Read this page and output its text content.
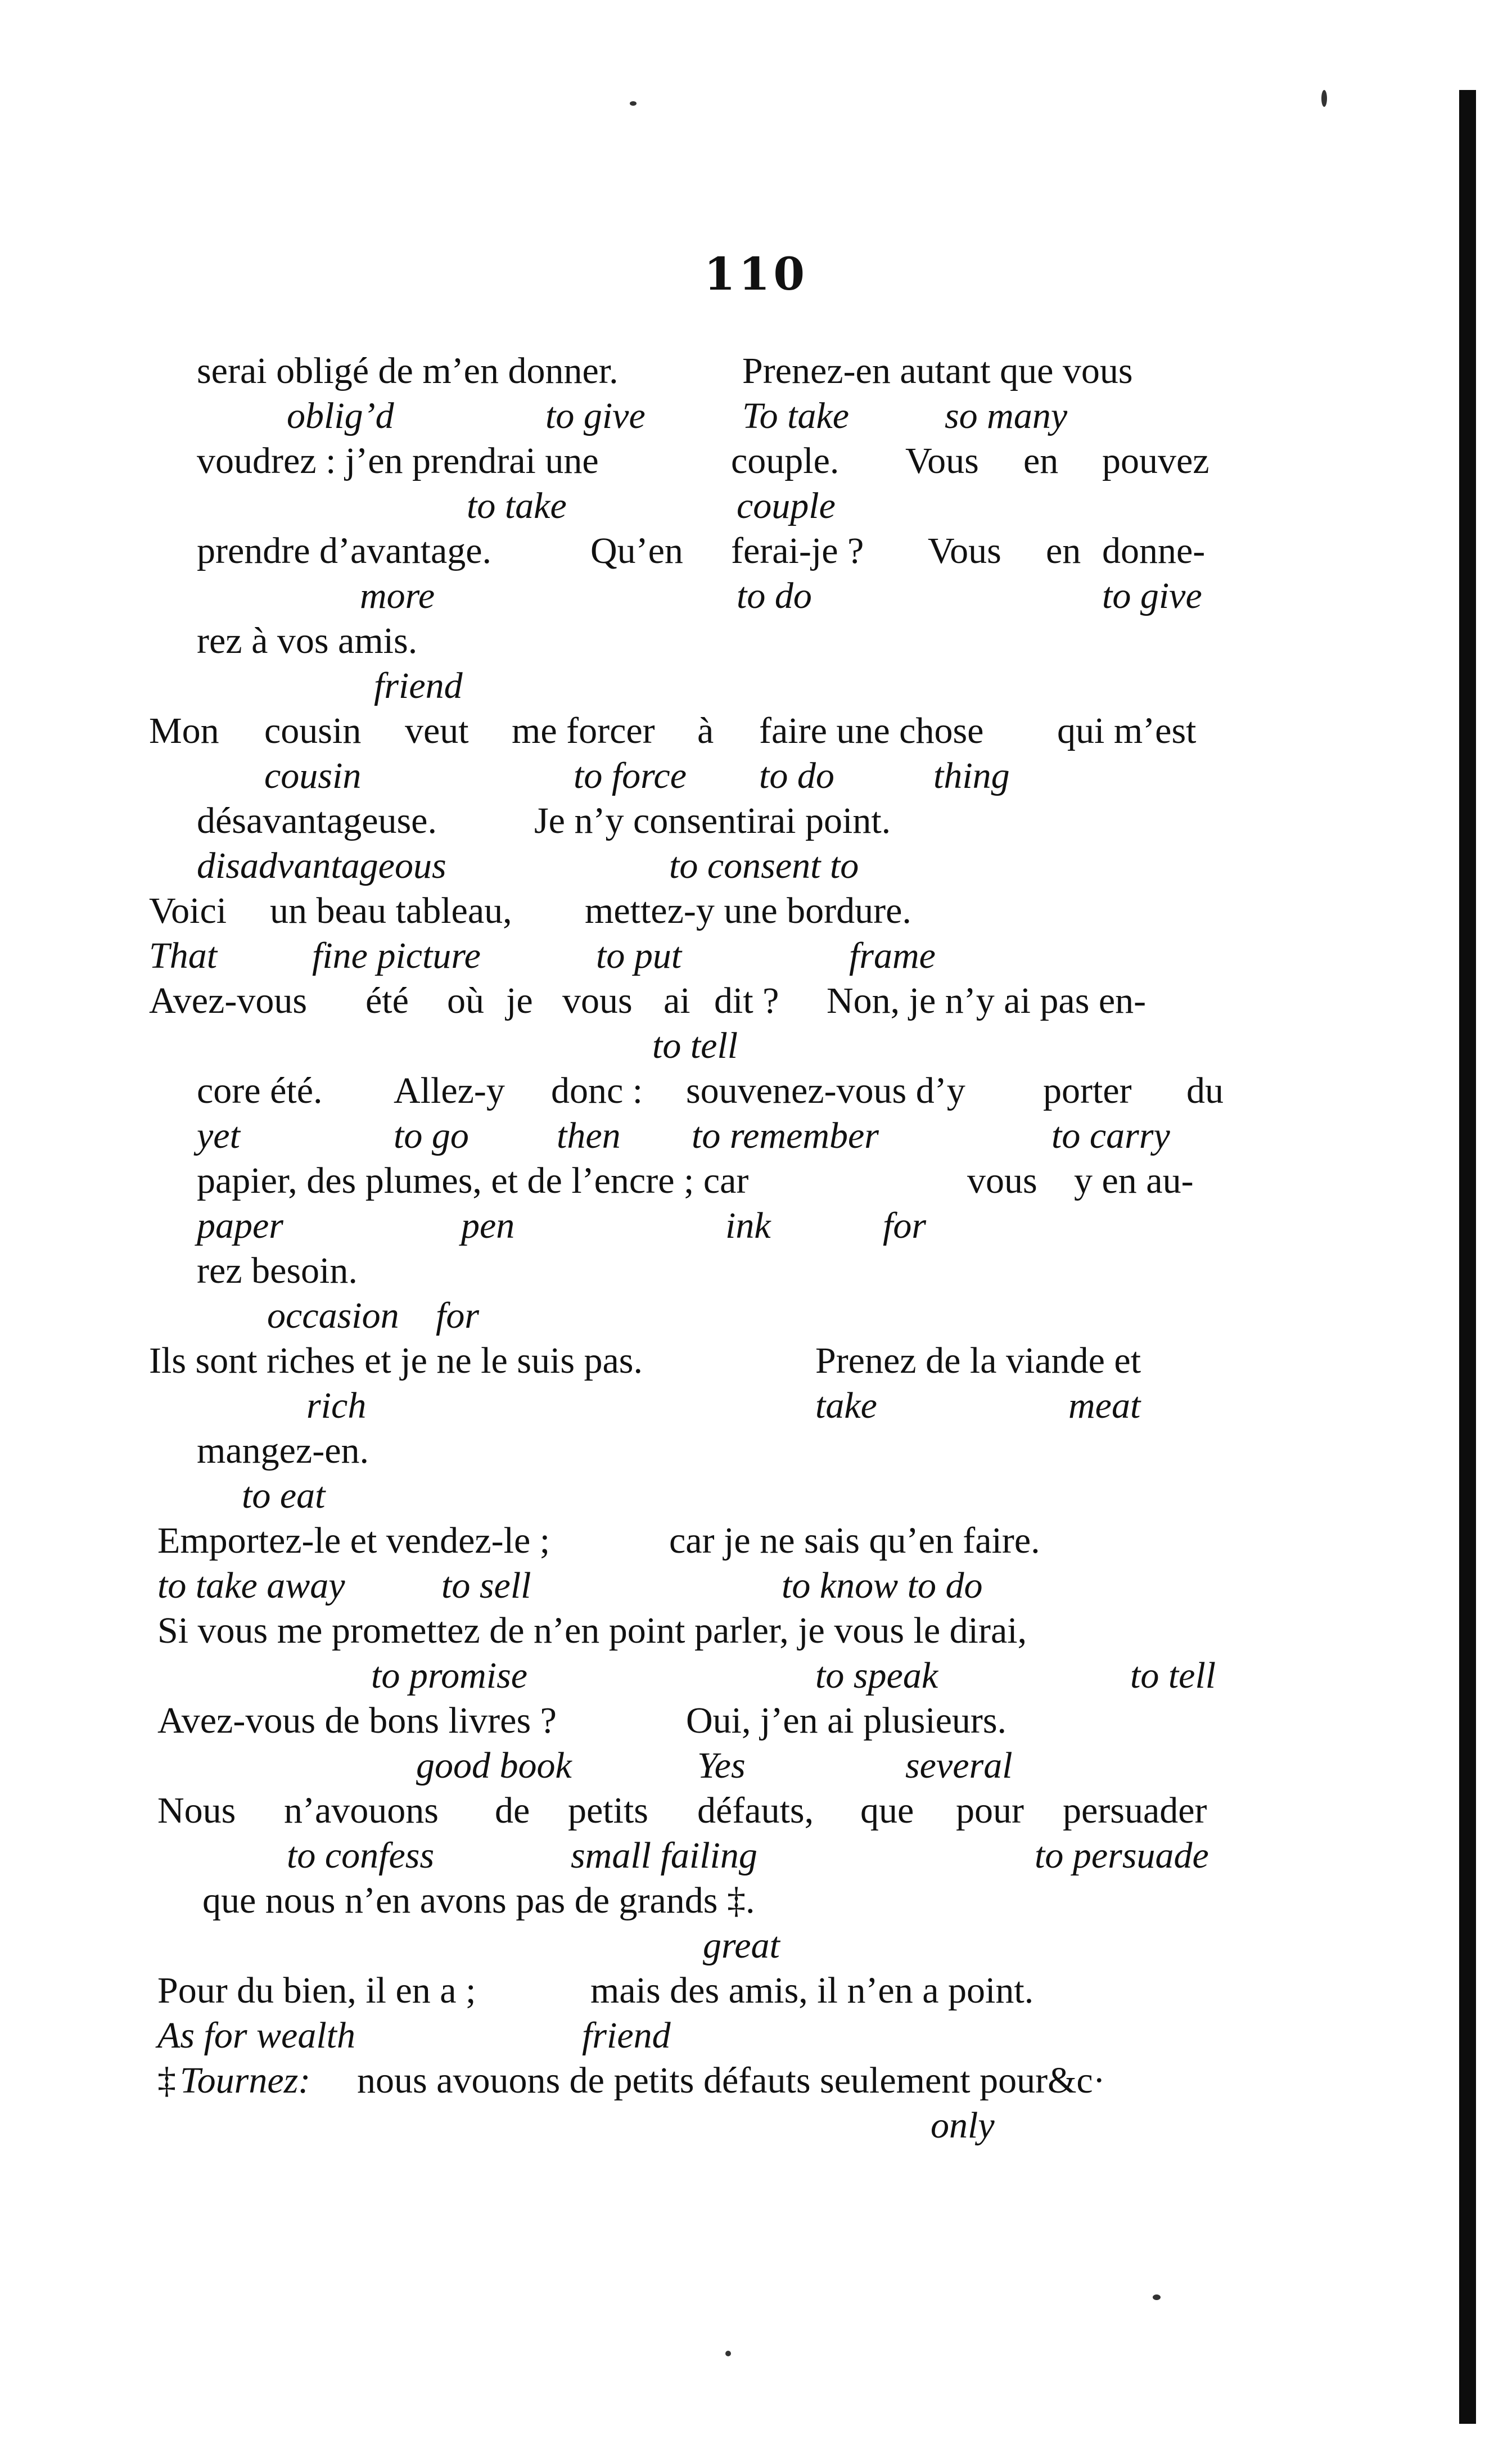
110
serai obligé de m’en donner.	Prenez-en autant que vous
oblig’d	to give	To take	so many
voudrez : j’en prendrai une	couple. Vous en pouvez
to take	couple
prendre d’avantage.	Qu’en ferai-je ? Vous en donne-
more	to do	to give
rez à vos amis.
friend
Mon cousin veut me forcer à faire une chose qui m’est
cousin	to force to do	thing
désavantageuse.	Je n’y consentirai point.
disadvantageous	to consent to
Voici un beau tableau, mettez-y une bordure.
That	fine picture	to put	frame
Avez-vous été où je vous ai dit ? Non, je n’y ai pas en-
to tell
core été. Allez-y donc : souvenez-vous d’y porter du
yet	to go then to remember	to carry
papier, des plumes, et de l’encre ; car	vous y en au-
paper	pen	ink	for
rez besoin.
occasion for
Ils sont riches et je ne le suis pas.	Prenez de la viande et
rich	take	meat
mangez-en.
to eat
Emportez-le et vendez-le ;	car je ne sais qu’en faire.
to take away	to sell	to know to do
Si vous me promettez de n’en point parler, je vous le dirai,
to promise	to speak	to tell
Avez-vous de bons livres ?	Oui, j’en ai plusieurs.
good book	Yes	several
Nous n’avouons de petits défauts, que pour persuader
to confess	small failing	to persuade
que nous n’en avons pas de grands ‡.
great
Pour du bien, il en a ;	mais des amis, il n’en a point.
As for wealth	friend
‡ Tournez: nous avouons de petits défauts seulement pour&c·
only
